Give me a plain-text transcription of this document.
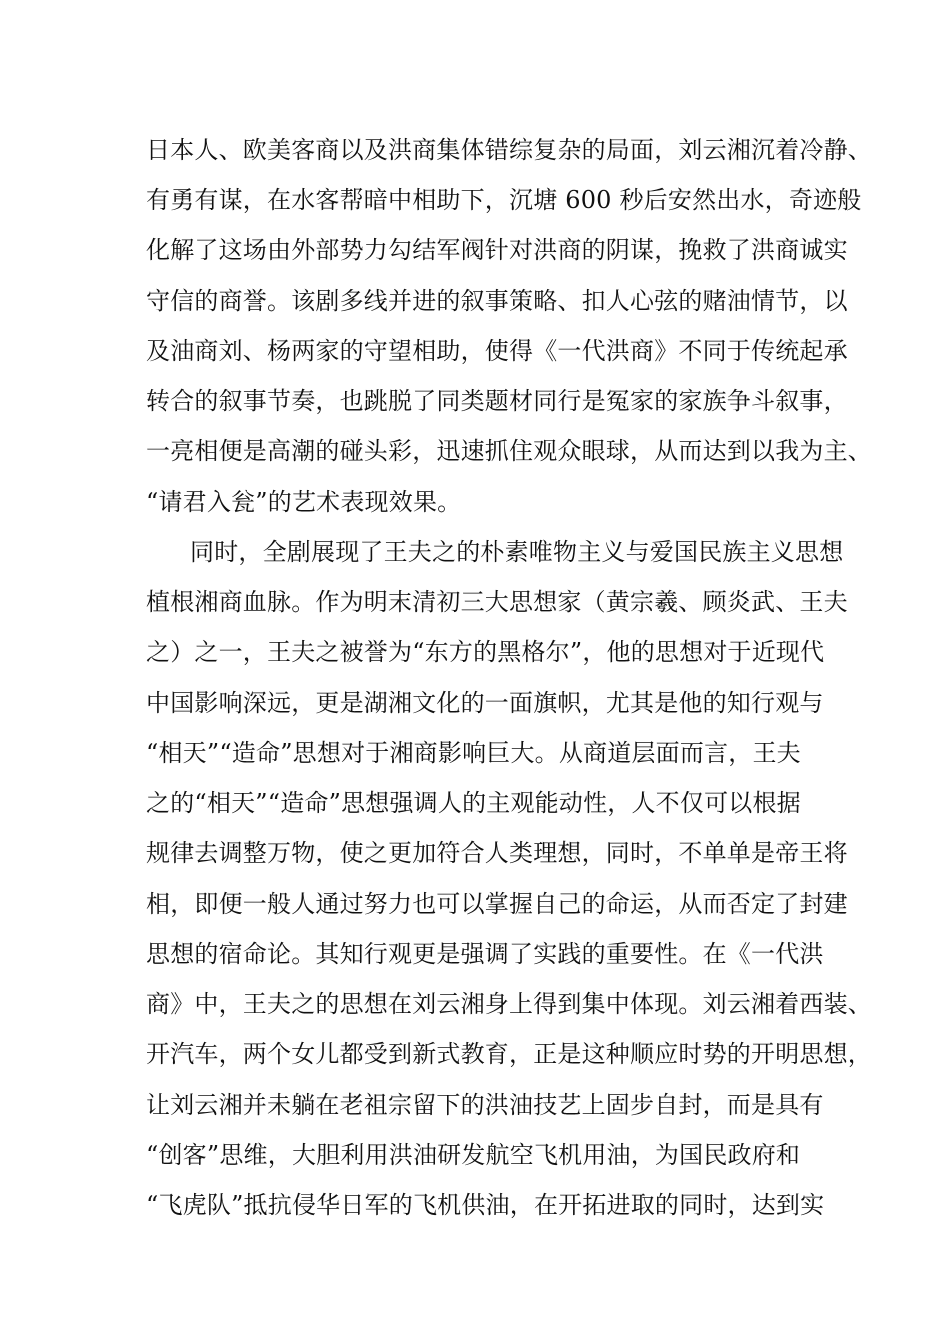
日本人、欧美客商以及洪商集体错综复杂的局面，刘云湘沉着冷静、
有勇有谋，在水客帮暗中相助下，沉塘 600 秒后安然出水，奇迹般
化解了这场由外部势力勾结军阀针对洪商的阴谋，挽救了洪商诚实
守信的商誉。该剧多线并进的叙事策略、扣人心弦的赌油情节，以
及油商刘、杨两家的守望相助，使得《一代洪商》不同于传统起承
转合的叙事节奏，也跳脱了同类题材同行是冤家的家族争斗叙事，
一亮相便是高潮的碰头彩，迅速抓住观众眼球，从而达到以我为主、
“请君入瓮”的艺术表现效果。
同时，全剧展现了王夫之的朴素唯物主义与爱国民族主义思想
植根湘商血脉。作为明末清初三大思想家（黄宗羲、顾炎武、王夫
之）之一，王夫之被誉为“东方的黑格尔”，他的思想对于近现代
中国影响深远，更是湖湘文化的一面旗帜，尤其是他的知行观与
“相天”“造命”思想对于湘商影响巨大。从商道层面而言，王夫
之的“相天”“造命”思想强调人的主观能动性，人不仅可以根据
规律去调整万物，使之更加符合人类理想，同时，不单单是帝王将
相，即便一般人通过努力也可以掌握自己的命运，从而否定了封建
思想的宿命论。其知行观更是强调了实践的重要性。在《一代洪
商》中，王夫之的思想在刘云湘身上得到集中体现。刘云湘着西装、
开汽车，两个女儿都受到新式教育，正是这种顺应时势的开明思想，
让刘云湘并未躺在老祖宗留下的洪油技艺上固步自封，而是具有
“创客”思维，大胆利用洪油研发航空飞机用油，为国民政府和
“飞虎队”抵抗侵华日军的飞机供油，在开拓进取的同时，达到实
